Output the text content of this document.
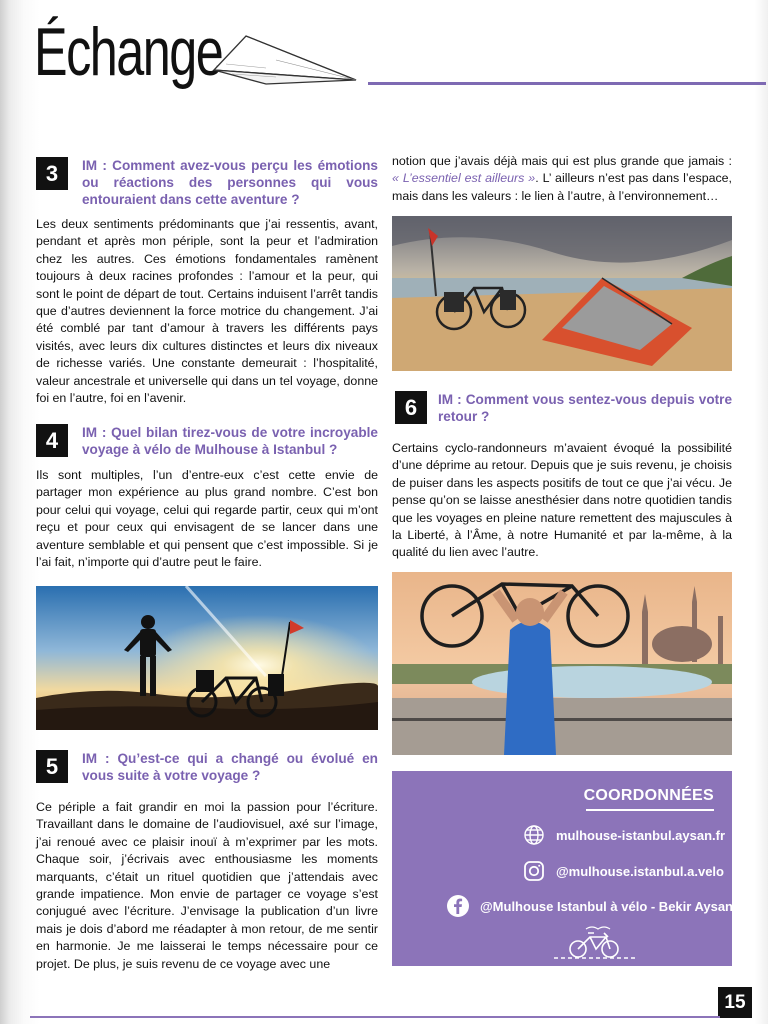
Échange
3	IM : Comment avez-vous perçu les émotions ou réactions des personnes qui vous entouraient dans cette aventure ?

Les deux sentiments prédominants que j’ai ressentis, avant, pendant et après mon périple, sont la peur et l’admiration chez les autres. Ces émotions fondamentales ramènent toujours à deux racines profondes : l’amour et la peur, qui sont le point de départ de tout. Certains induisent l’arrêt tandis que d’autres deviennent la force motrice du changement. J’ai été comblé par tant d’amour à travers les différents pays visités, avec leurs dix cultures distinctes et leurs dix niveaux de richesse variés. Une constante demeurait : l’hospitalité, valeur ancestrale et universelle qui dans un tel voyage, donne foi en l’autre, foi en l’avenir.

4	IM : Quel bilan tirez-vous de votre incroyable voyage à vélo de Mulhouse à Istanbul ?

Ils sont multiples, l’un d’entre-eux c’est cette envie de partager mon expérience au plus grand nombre. C’est bon pour celui qui voyage, celui qui regarde partir, ceux qui m’ont reçu et pour ceux qui envisagent de se lancer dans une aventure semblable et qui pensent que c’est impossible. Si je l’ai fait, n’importe qui d’autre peut le faire.

5	IM : Qu’est-ce qui a changé ou évolué en vous suite à votre voyage ?

Ce périple a fait grandir en moi la passion pour l’écriture. Travaillant dans le domaine de l’audiovisuel, axé sur l’image, j’ai renoué avec ce plaisir inouï à m’exprimer par les mots. Chaque soir, j’écrivais avec enthousiasme les moments marquants, c’était un rituel quotidien que j’attendais avec grande impatience. Mon envie de partager ce voyage s’est conjugué avec l’écriture. J’envisage la publication d’un livre mais je dois d’abord me réadapter à mon retour, de me sentir en harmonie. Je me laisserai le temps nécessaire pour ce projet. De plus, je suis revenu de ce voyage avec une

notion que j’avais déjà mais qui est plus grande que jamais : « L’essentiel est ailleurs ». L’ ailleurs n’est pas dans l’espace, mais dans les valeurs : le lien à l’autre, à l’environnement…

6	IM : Comment vous sentez-vous depuis votre retour ?

Certains cyclo-randonneurs m’avaient évoqué la possibilité d’une déprime au retour. Depuis que je suis revenu, je choisis de puiser dans les aspects positifs de tout ce que j’ai vécu. Je pense qu’on se laisse anesthésier dans notre quotidien tandis que les voyages en pleine nature remettent des majuscules à la Liberté, à l’Âme, à notre Humanité et par la-même, à la qualité du lien avec l’autre.

COORDONNÉES
mulhouse-istanbul.aysan.fr
@mulhouse.istanbul.a.velo
@Mulhouse Istanbul à vélo - Bekir Aysan
15
